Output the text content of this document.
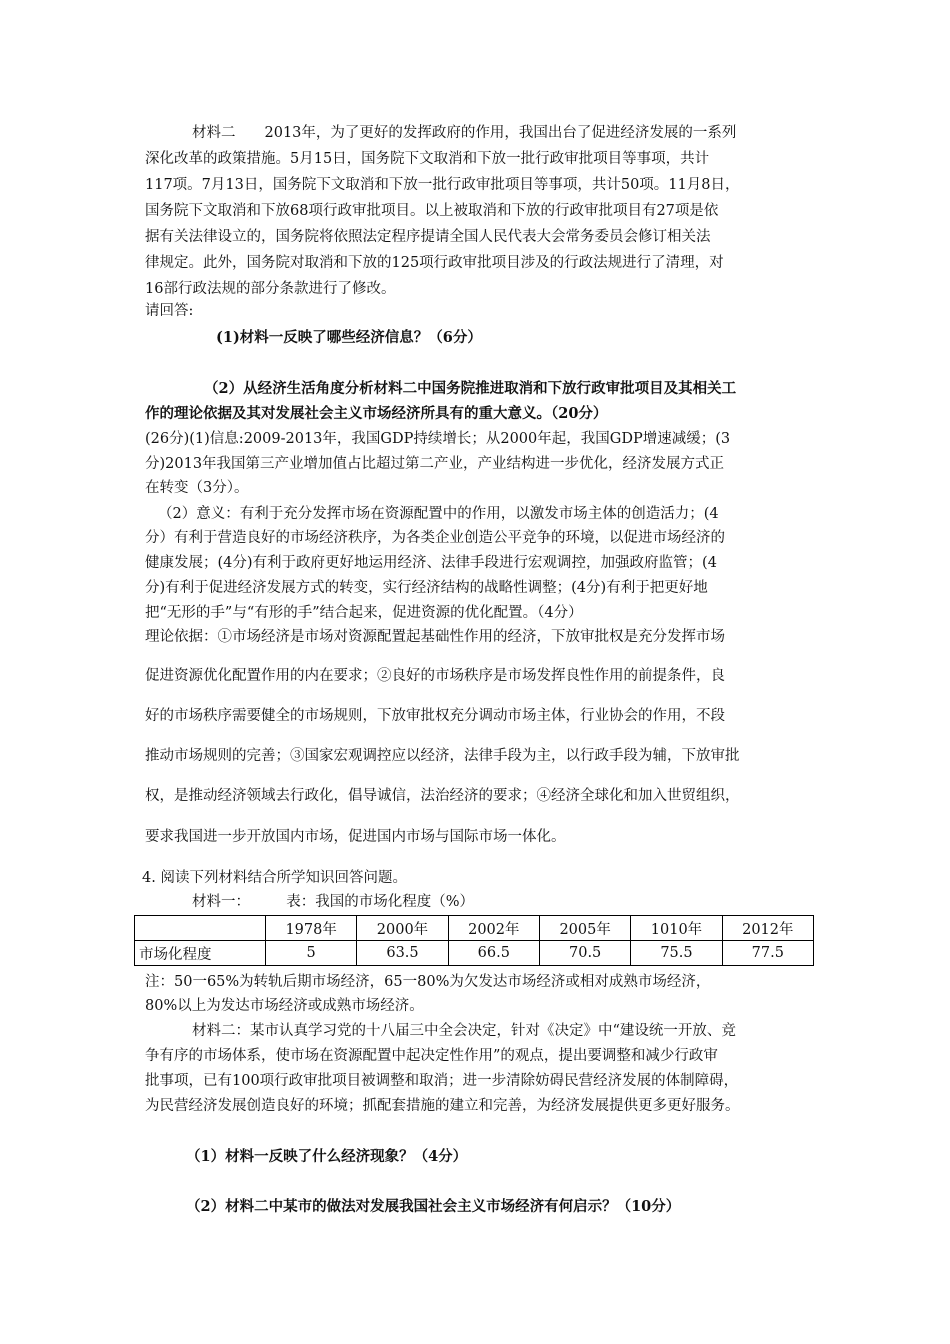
材料二　　2013年，为了更好的发挥政府的作用，我国出台了促进经济发展的一系列

深化改革的政策措施。5月15日，国务院下文取消和下放一批行政审批项目等事项，共计

117项。7月13日，国务院下文取消和下放一批行政审批项目等事项，共计50项。11月8日，

国务院下文取消和下放68项行政审批项目。以上被取消和下放的行政审批项目有27项是依

据有关法律设立的，国务院将依照法定程序提请全国人民代表大会常务委员会修订相关法

律规定。此外，国务院对取消和下放的125项行政审批项目涉及的行政法规进行了清理，对

16部行政法规的部分条款进行了修改。

请回答:

(1)材料一反映了哪些经济信息？（6分）

（2）从经济生活角度分析材料二中国务院推进取消和下放行政审批项目及其相关工

作的理论依据及其对发展社会主义市场经济所具有的重大意义。（20分）

(26分)(1)信息:2009-2013年，我国GDP持续增长；从2000年起，我国GDP增速减缓；(3

分)2013年我国第三产业增加值占比超过第二产业，产业结构进一步优化，经济发展方式正

在转变（3分）。

（2）意义：有利于充分发挥市场在资源配置中的作用，以激发市场主体的创造活力；(4

分）有利于营造良好的市场经济秩序，为各类企业创造公平竞争的环境，以促进市场经济的

健康发展；(4分)有利于政府更好地运用经济、法律手段进行宏观调控，加强政府监管；(4

分)有利于促进经济发展方式的转变，实行经济结构的战略性调整；(4分)有利于把更好地

把“无形的手”与“有形的手”结合起来，促进资源的优化配置。（4分）

理论依据：①市场经济是市场对资源配置起基础性作用的经济，下放审批权是充分发挥市场

促进资源优化配置作用的内在要求；②良好的市场秩序是市场发挥良性作用的前提条件，良

好的市场秩序需要健全的市场规则，下放审批权充分调动市场主体，行业协会的作用，不段

推动市场规则的完善；③国家宏观调控应以经济，法律手段为主，以行政手段为辅，下放审批

权，是推动经济领域去行政化，倡导诚信，法治经济的要求；④经济全球化和加入世贸组织，

要求我国进一步开放国内市场，促进国内市场与国际市场一体化。

4. 阅读下列材料结合所学知识回答问题。

材料一：　　　表：我国的市场化程度（%）

	1978年	2000年	2002年	2005年	1010年	2012年
市场化程度	5	63.5	66.5	70.5	75.5	77.5

注：50一65%为转轨后期市场经济，65一80%为欠发达市场经济或相对成熟市场经济，

80%以上为发达市场经济或成熟市场经济。

材料二：某市认真学习党的十八届三中全会决定，针对《决定》中“建设统一开放、竞

争有序的市场体系，使市场在资源配置中起决定性作用”的观点，提出要调整和减少行政审

批事项，已有100项行政审批项目被调整和取消；进一步清除妨碍民营经济发展的体制障碍，

为民营经济发展创造良好的环境；抓配套措施的建立和完善，为经济发展提供更多更好服务。

（1）材料一反映了什么经济现象？（4分）

（2）材料二中某市的做法对发展我国社会主义市场经济有何启示？（10分）
